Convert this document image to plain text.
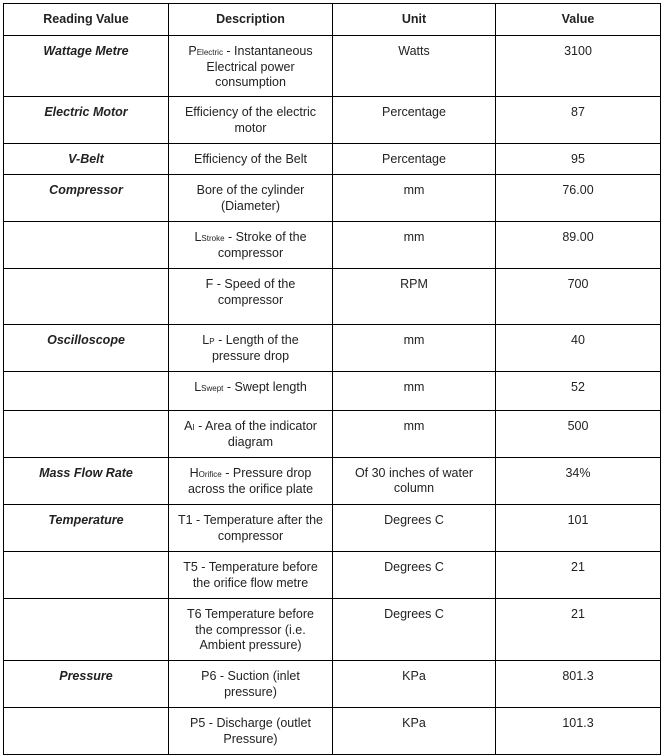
Reading Value	Description	Unit	Value
Wattage Metre	PElectric - Instantaneous Electrical power consumption	Watts	3100
Electric Motor	Efficiency of the electric motor	Percentage	87
V-Belt	Efficiency of the Belt	Percentage	95
Compressor	Bore of the cylinder (Diameter)	mm	76.00
	LStroke - Stroke of the compressor	mm	89.00
	F - Speed of the compressor	RPM	700
Oscilloscope	LP - Length of the pressure drop	mm	40
	LSwept - Swept length	mm	52
	AI - Area of the indicator diagram	mm	500
Mass Flow Rate	HOrifice - Pressure drop across the orifice plate	Of 30 inches of water column	34%
Temperature	T1 - Temperature after the compressor	Degrees C	101
	T5 - Temperature before the orifice flow metre	Degrees C	21
	T6 Temperature before the compressor (i.e. Ambient pressure)	Degrees C	21
Pressure	P6 - Suction (inlet pressure)	KPa	801.3
	P5 - Discharge (outlet Pressure)	KPa	101.3
